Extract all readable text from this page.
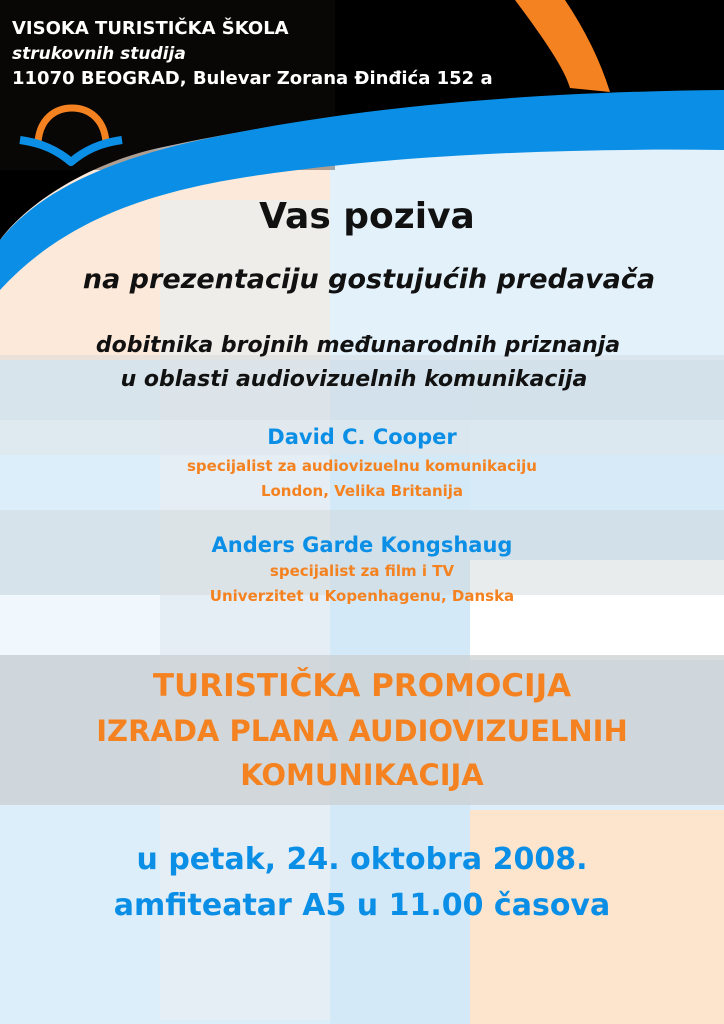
VISOKA TURISTIČKA ŠKOLA
strukovnih studija
11070 BEOGRAD, Bulevar Zorana Đinđića 152 a
Vas poziva
na prezentaciju gostujućih predavača
dobitnika brojnih međunarodnih priznanja
u oblasti audiovizuelnih komunikacija
David C. Cooper
specijalist za audiovizuelnu komunikaciju
London, Velika Britanija
Anders Garde Kongshaug
specijalist za film i TV
Univerzitet u Kopenhagenu, Danska
TURISTIČKA PROMOCIJA
IZRADA PLANA AUDIOVIZUELNIH
KOMUNIKACIJA
u petak, 24. oktobra 2008.
amfiteatar A5 u 11.00 časova
